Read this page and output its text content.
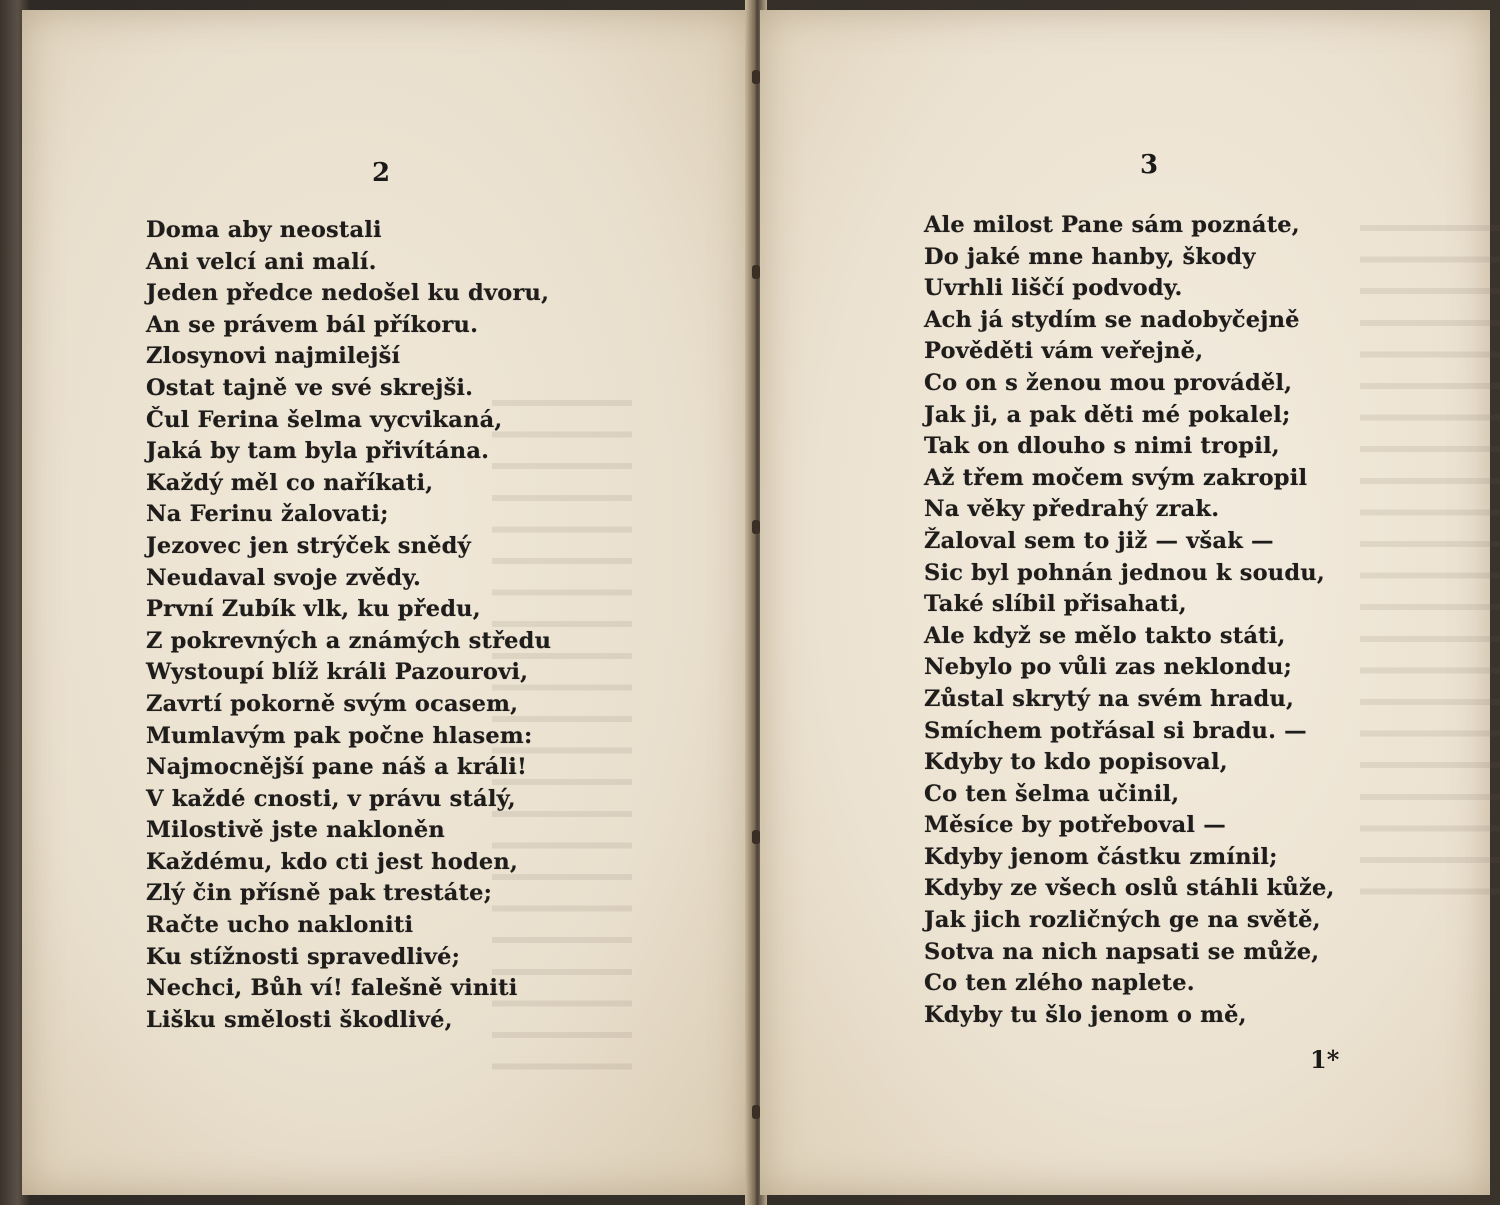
2
Doma aby neostali
Ani velcí ani malí.
Jeden předce nedošel ku dvoru,
An se právem bál příkoru.
Zlosynovi najmilejší
Ostat tajně ve své skrejši.
Čul Ferina šelma vycvikaná,
Jaká by tam byla přivítána.
Každý měl co naříkati,
Na Ferinu žalovati;
Jezovec jen strýček snědý
Neudaval svoje zvědy.
První Zubík vlk, ku předu,
Z pokrevných a známých středu
Wystoupí blíž králi Pazourovi,
Zavrtí pokorně svým ocasem,
Mumlavým pak počne hlasem:
Najmocnější pane náš a králi!
V každé cnosti, v právu stálý,
Milostivě jste nakloněn
Každému, kdo cti jest hoden,
Zlý čin přísně pak trestáte;
Račte ucho nakloniti
Ku stížnosti spravedlivé;
Nechci, Bůh ví! falešně viniti
Lišku smělosti škodlivé,
3
Ale milost Pane sám poznáte,
Do jaké mne hanby, škody
Uvrhli liščí podvody.
Ach já stydím se nadobyčejně
Pověděti vám veřejně,
Co on s ženou mou prováděl,
Jak ji, a pak děti mé pokalel;
Tak on dlouho s nimi tropil,
Až třem močem svým zakropil
Na věky předrahý zrak.
Žaloval sem to již — však —
Sic byl pohnán jednou k soudu,
Také slíbil přisahati,
Ale když se mělo takto státi,
Nebylo po vůli zas neklondu;
Zůstal skrytý na svém hradu,
Smíchem potřásal si bradu. —
Kdyby to kdo popisoval,
Co ten šelma učinil,
Měsíce by potřeboval —
Kdyby jenom částku zmínil;
Kdyby ze všech oslů stáhli kůže,
Jak jich rozličných ge na světě,
Sotva na nich napsati se může,
Co ten zlého naplete.
Kdyby tu šlo jenom o mě,
1*
